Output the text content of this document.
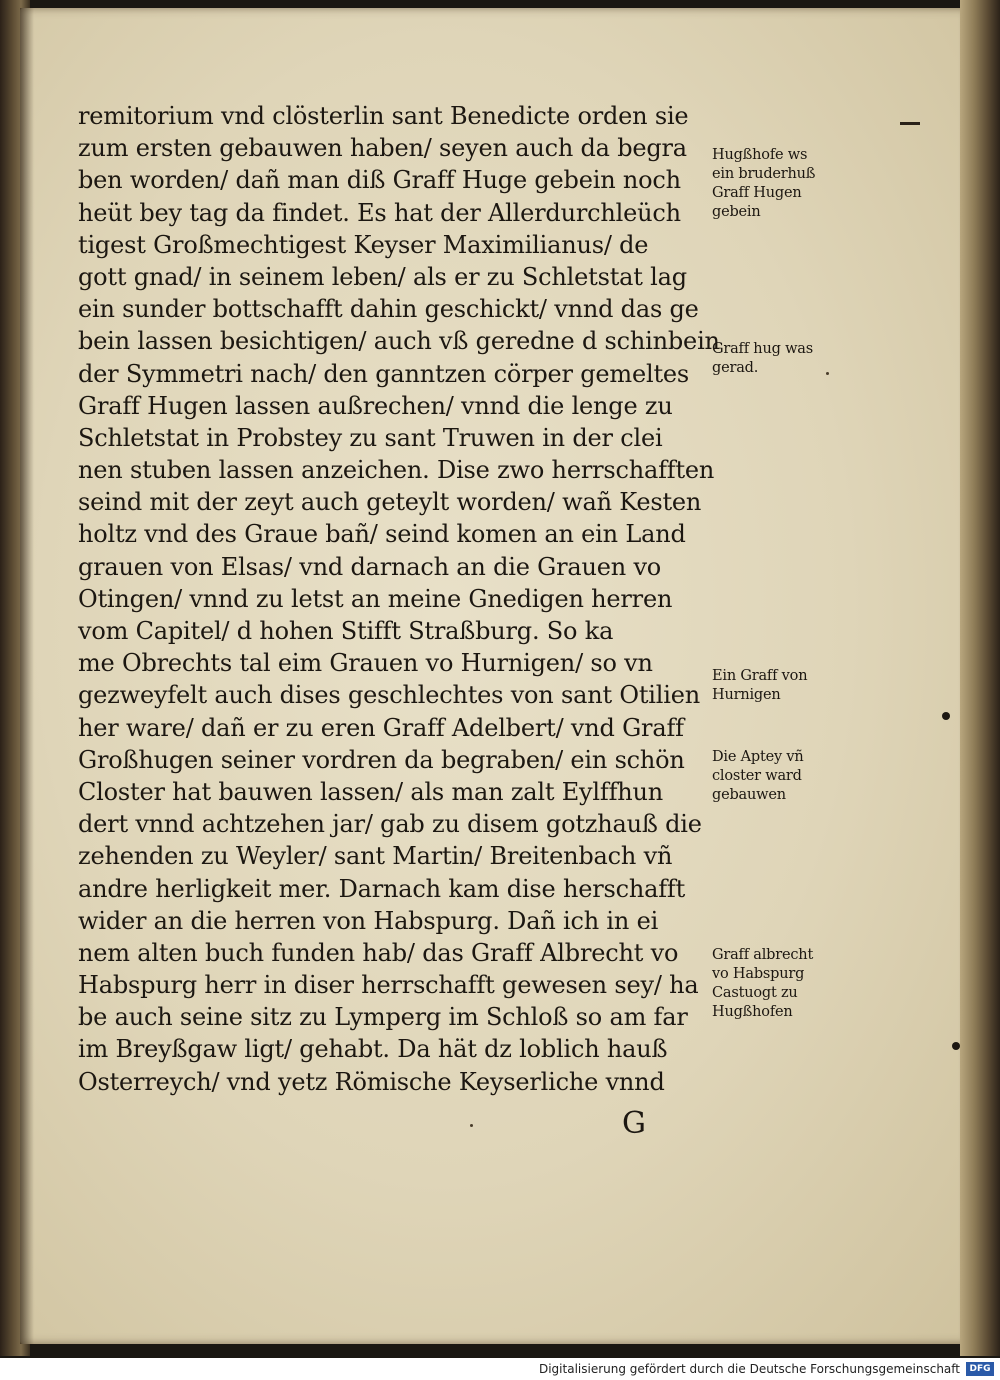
remitorium vnd clösterlin sant Benedicte orden sie
zum ersten gebauwen haben/ seyen auch da begra
ben worden/ dañ man diß Graff Huge gebein noch
heüt bey tag da findet. Es hat der Allerdurchleüch
tigest Großmechtigest Keyser Maximilianus/ de
gott gnad/ in seinem leben/ als er zu Schletstat lag
ein sunder bottschafft dahin geschickt/ vnnd das ge
bein lassen besichtigen/ auch vß geredne d schinbein
der Symmetri nach/ den ganntzen cörper gemeltes
Graff Hugen lassen außrechen/ vnnd die lenge zu
Schletstat in Probstey zu sant Truwen in der clei
nen stuben lassen anzeichen. Dise zwo herrschafften
seind mit der zeyt auch geteylt worden/ wañ Kesten
holtz vnd des Graue bañ/ seind komen an ein Land
grauen von Elsas/ vnd darnach an die Grauen vo
Otingen/ vnnd zu letst an meine Gnedigen herren
vom Capitel/ d hohen Stifft Straßburg. So ka
me Obrechts tal eim Grauen vo Hurnigen/ so vn
gezweyfelt auch dises geschlechtes von sant Otilien
her ware/ dañ er zu eren Graff Adelbert/ vnd Graff
Großhugen seiner vordren da begraben/ ein schön
Closter hat bauwen lassen/ als man zalt Eylffhun
dert vnnd achtzehen jar/ gab zu disem gotzhauß die
zehenden zu Weyler/ sant Martin/ Breitenbach vñ
andre herligkeit mer. Darnach kam dise herschafft
wider an die herren von Habspurg. Dañ ich in ei
nem alten buch funden hab/ das Graff Albrecht vo
Habspurg herr in diser herrschafft gewesen sey/ ha
be auch seine sitz zu Lymperg im Schloß so am far
im Breyßgaw ligt/ gehabt. Da hät dz loblich hauß
Osterreych/ vnd yetz Römische Keyserliche vnnd
Hugßhofe ws
ein bruderhuß
Graff Hugen
gebein
Graff hug was
gerad.
Ein Graff von
Hurnigen
Die Aptey vñ
closter ward
gebauwen
Graff albrecht
vo Habspurg
Castuogt zu
Hugßhofen
G
Digitalisierung gefördert durch die Deutsche Forschungsgemeinschaft	DFG
